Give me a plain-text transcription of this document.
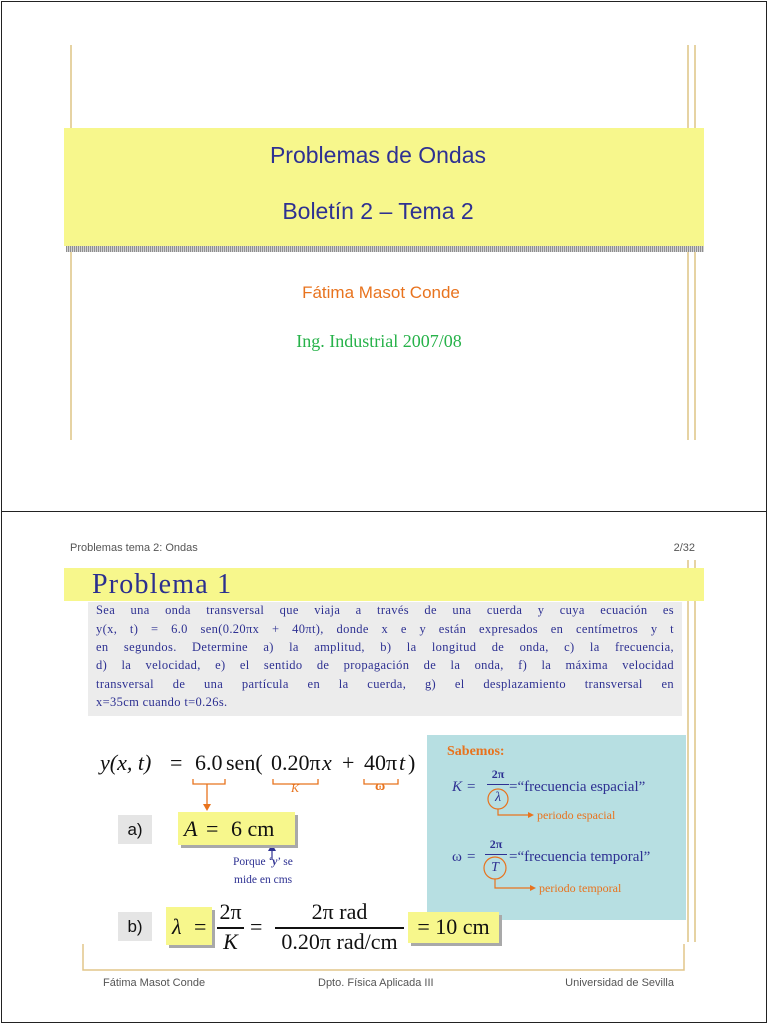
Problemas de Ondas
Boletín 2 – Tema 2
Fátima Masot Conde
Ing. Industrial 2007/08
Problemas tema 2: Ondas	2/32
Problema 1
Sea una onda transversal que viaja a través de una cuerda y cuya ecuación es
y(x, t) = 6.0 sen(0.20πx + 40πt), donde x e y están expresados en centímetros y t
en segundos. Determine a) la amplitud, b) la longitud de onda, c) la frecuencia,
d) la velocidad, e) el sentido de propagación de la onda, f) la máxima velocidad
transversal de una partícula en la cuerda, g) el desplazamiento transversal en
x=35cm cuando t=0.26s.
y(x, t) = 6.0 sen( 0.20π x + 40π t )
K	ω
a)	A = 6 cm
Porque ‘y’ se
mide en cms
Sabemos:
K =
2π
λ
=“frecuencia espacial”
ω =
2π
T
=“frecuencia temporal”
periodo espacial
periodo temporal
b)	λ =
2π
K
=
2π rad
0.20π rad/cm
= 10 cm
Fátima Masot Conde	Dpto. Física Aplicada III	Universidad de Sevilla
